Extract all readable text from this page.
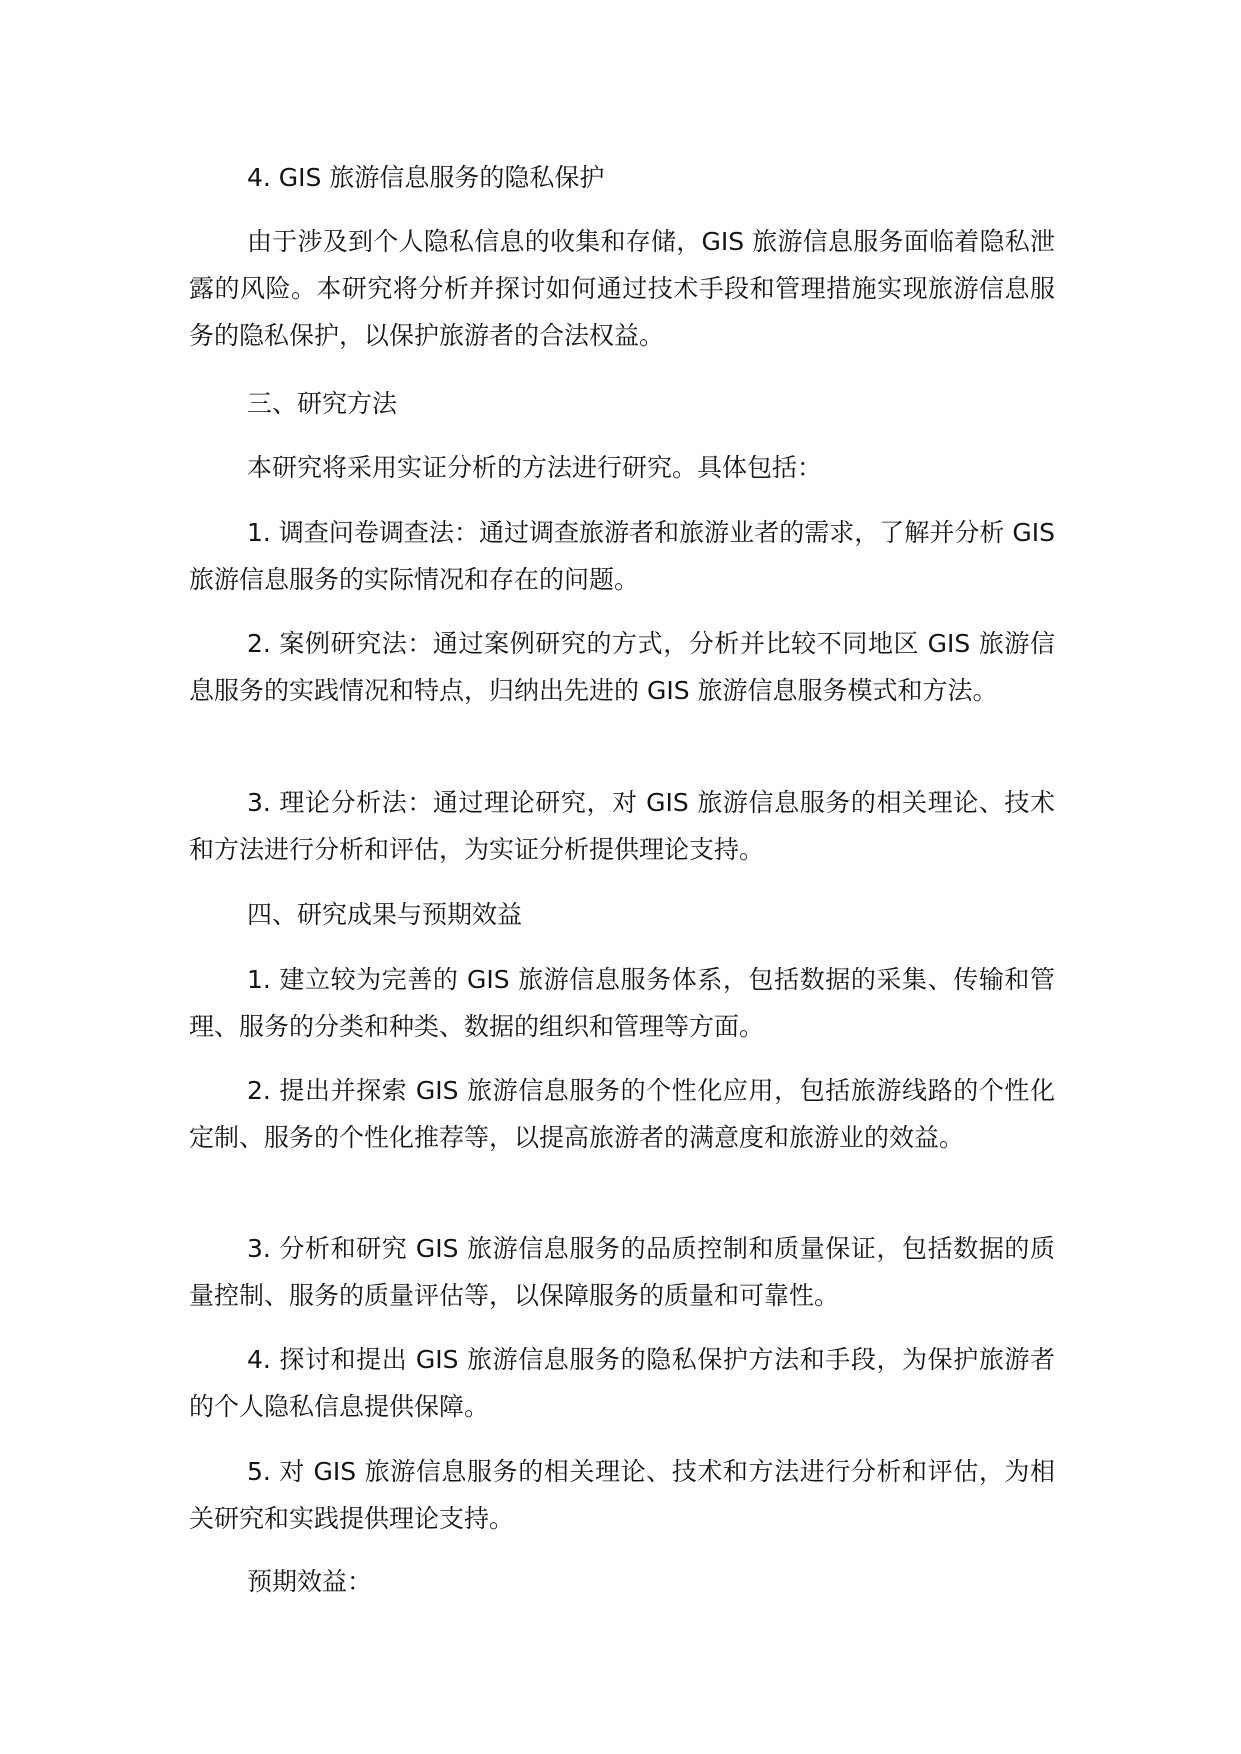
4. GIS 旅游信息服务的隐私保护

由于涉及到个人隐私信息的收集和存储，GIS 旅游信息服务面临着隐私泄露的风险。本研究将分析并探讨如何通过技术手段和管理措施实现旅游信息服务的隐私保护，以保护旅游者的合法权益。

三、研究方法

本研究将采用实证分析的方法进行研究。具体包括：

1. 调查问卷调查法：通过调查旅游者和旅游业者的需求，了解并分析 GIS 旅游信息服务的实际情况和存在的问题。

2. 案例研究法：通过案例研究的方式，分析并比较不同地区 GIS 旅游信息服务的实践情况和特点，归纳出先进的 GIS 旅游信息服务模式和方法。

3. 理论分析法：通过理论研究，对 GIS 旅游信息服务的相关理论、技术和方法进行分析和评估，为实证分析提供理论支持。

四、研究成果与预期效益

1. 建立较为完善的 GIS 旅游信息服务体系，包括数据的采集、传输和管理、服务的分类和种类、数据的组织和管理等方面。

2. 提出并探索 GIS 旅游信息服务的个性化应用，包括旅游线路的个性化定制、服务的个性化推荐等，以提高旅游者的满意度和旅游业的效益。

3. 分析和研究 GIS 旅游信息服务的品质控制和质量保证，包括数据的质量控制、服务的质量评估等，以保障服务的质量和可靠性。

4. 探讨和提出 GIS 旅游信息服务的隐私保护方法和手段，为保护旅游者的个人隐私信息提供保障。

5. 对 GIS 旅游信息服务的相关理论、技术和方法进行分析和评估，为相关研究和实践提供理论支持。

预期效益：
